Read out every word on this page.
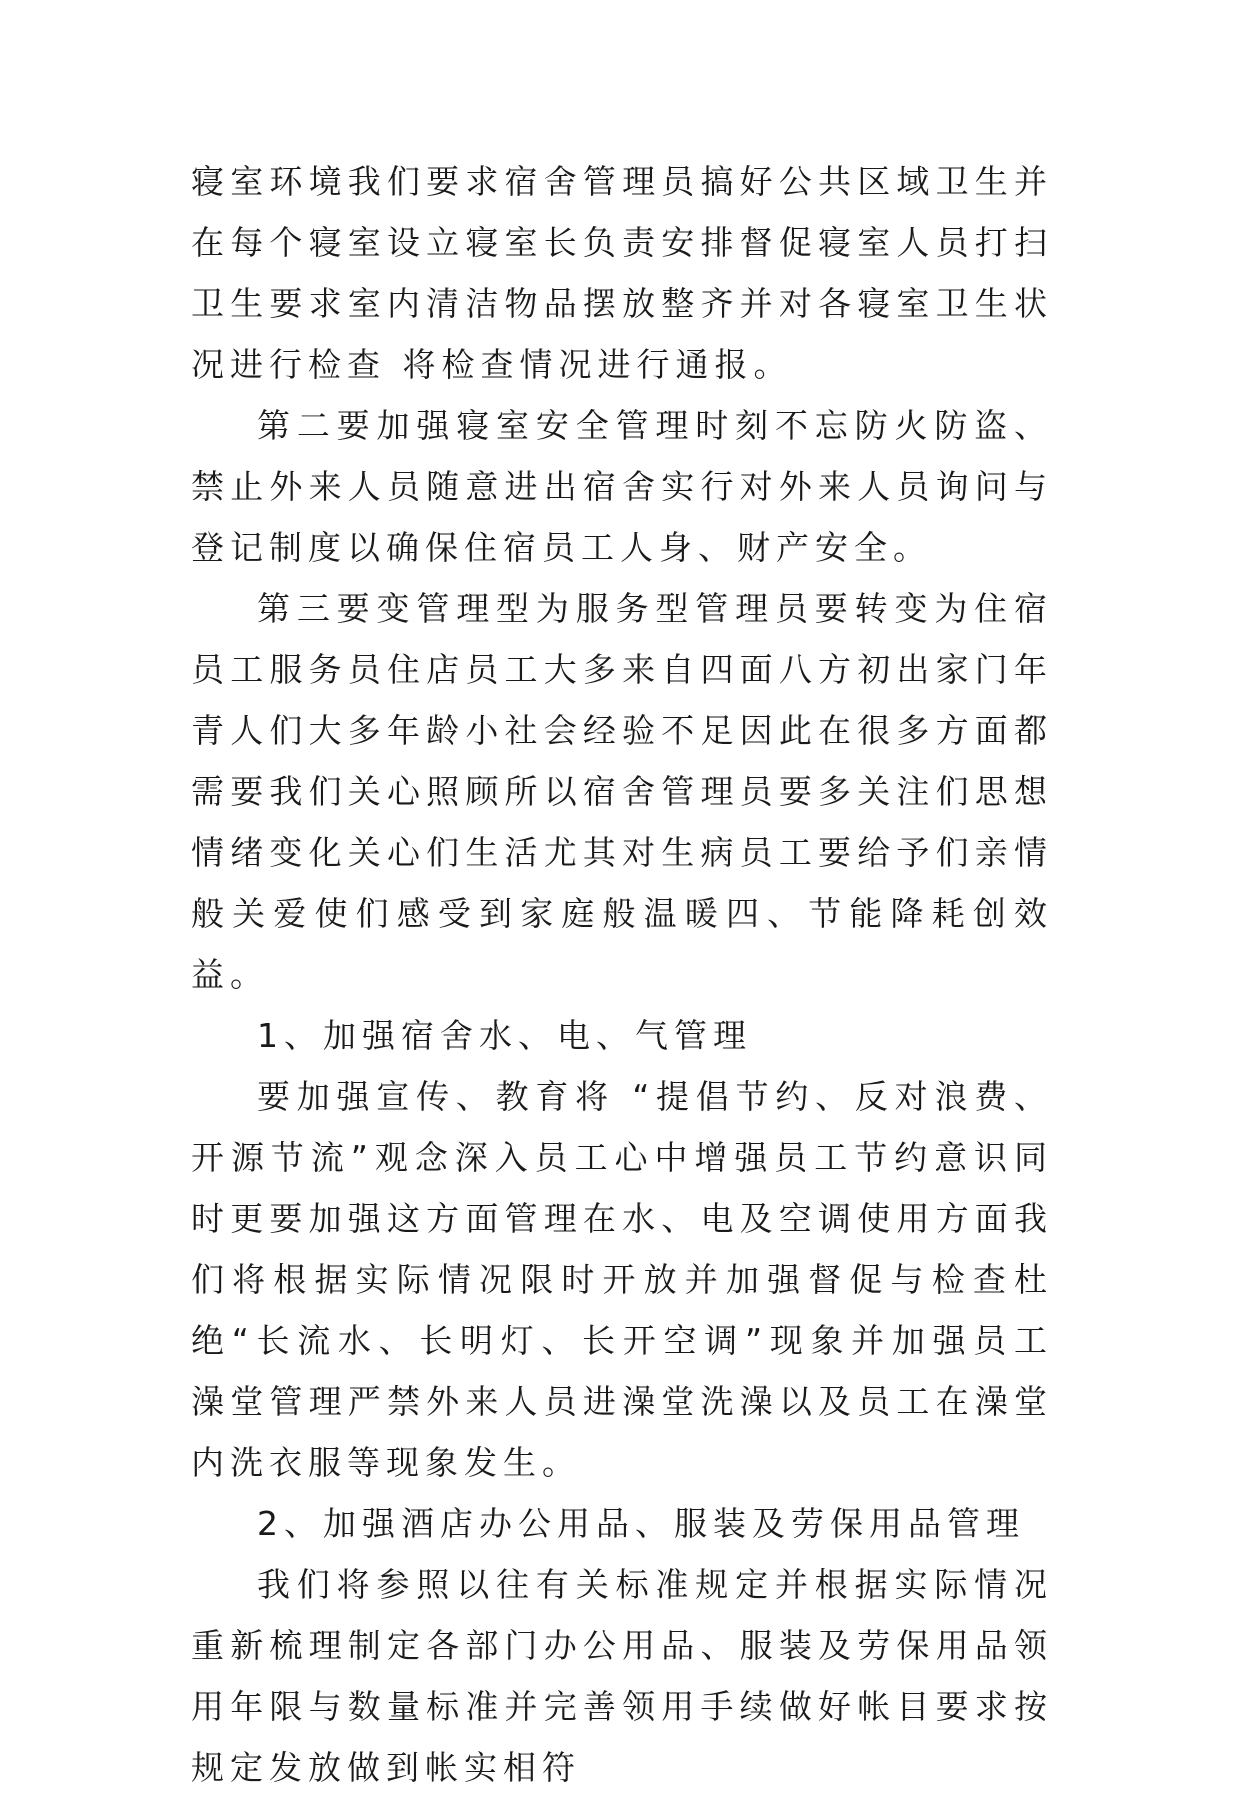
寝室环境我们要求宿舍管理员搞好公共区域卫生并在每个寝室设立寝室长负责安排督促寝室人员打扫卫生要求室内清洁物品摆放整齐并对各寝室卫生状况进行检查 将检查情况进行通报。

第二要加强寝室安全管理时刻不忘防火防盗、禁止外来人员随意进出宿舍实行对外来人员询问与登记制度以确保住宿员工人身、财产安全。

第三要变管理型为服务型管理员要转变为住宿员工服务员住店员工大多来自四面八方初出家门年青人们大多年龄小社会经验不足因此在很多方面都需要我们关心照顾所以宿舍管理员要多关注们思想情绪变化关心们生活尤其对生病员工要给予们亲情般关爱使们感受到家庭般温暖四、节能降耗创效益。

1、加强宿舍水、电、气管理

要加强宣传、教育将 “提倡节约、反对浪费、开源节流”观念深入员工心中增强员工节约意识同时更要加强这方面管理在水、电及空调使用方面我们将根据实际情况限时开放并加强督促与检查杜绝“长流水、长明灯、长开空调”现象并加强员工澡堂管理严禁外来人员进澡堂洗澡以及员工在澡堂内洗衣服等现象发生。

2、加强酒店办公用品、服装及劳保用品管理

我们将参照以往有关标准规定并根据实际情况重新梳理制定各部门办公用品、服装及劳保用品领用年限与数量标准并完善领用手续做好帐目要求按规定发放做到帐实相符
